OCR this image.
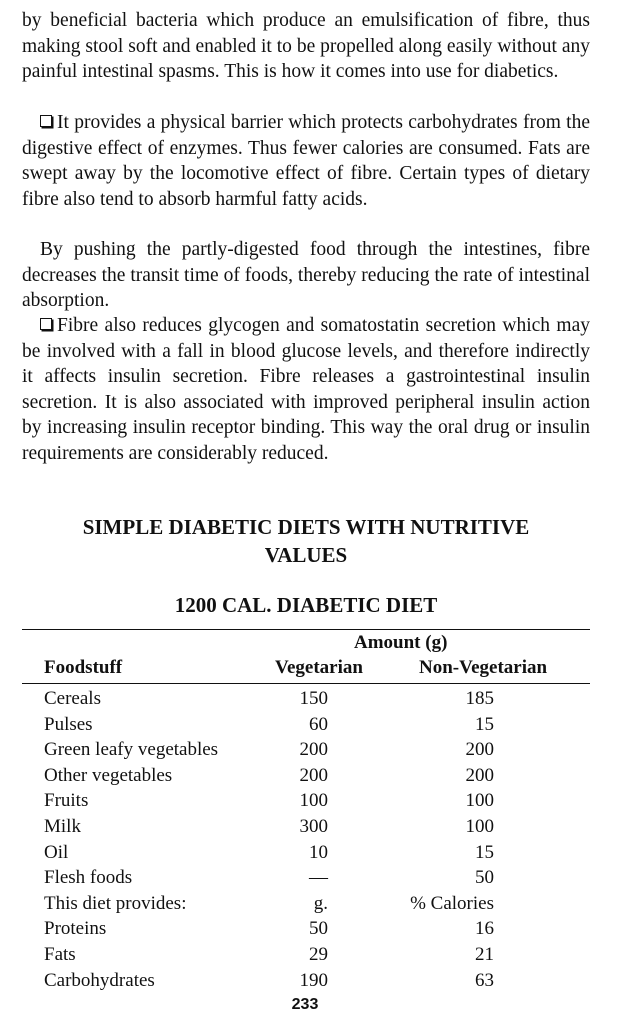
by beneficial bacteria which produce an emulsification of fibre, thus making stool soft and enabled it to be propelled along easily without any painful intestinal spasms. This is how it comes into use for diabetics.

It provides a physical barrier which protects carbohydrates from the digestive effect of enzymes. Thus fewer calories are consumed. Fats are swept away by the locomotive effect of fibre. Certain types of dietary fibre also tend to absorb harmful fatty acids.

By pushing the partly-digested food through the intestines, fibre decreases the transit time of foods, thereby reducing the rate of intestinal absorption.

Fibre also reduces glycogen and somatostatin secretion which may be involved with a fall in blood glucose levels, and therefore indirectly it affects insulin secretion. Fibre releases a gastrointestinal insulin secretion. It is also associated with improved peripheral insulin action by increasing insulin receptor binding. This way the oral drug or insulin requirements are considerably reduced.

SIMPLE DIABETIC DIETS WITH NUTRITIVE
VALUES
1200 CAL. DIABETIC DIET
Amount (g)
Foodstuff	Vegetarian	Non-Vegetarian
Cereals	150	185
Pulses	60	15
Green leafy vegetables	200	200
Other vegetables	200	200
Fruits	100	100
Milk	300	100
Oil	10	15
Flesh foods	—	50
This diet provides:	g.	% Calories
Proteins	50	16
Fats	29	21
Carbohydrates	190	63
233
